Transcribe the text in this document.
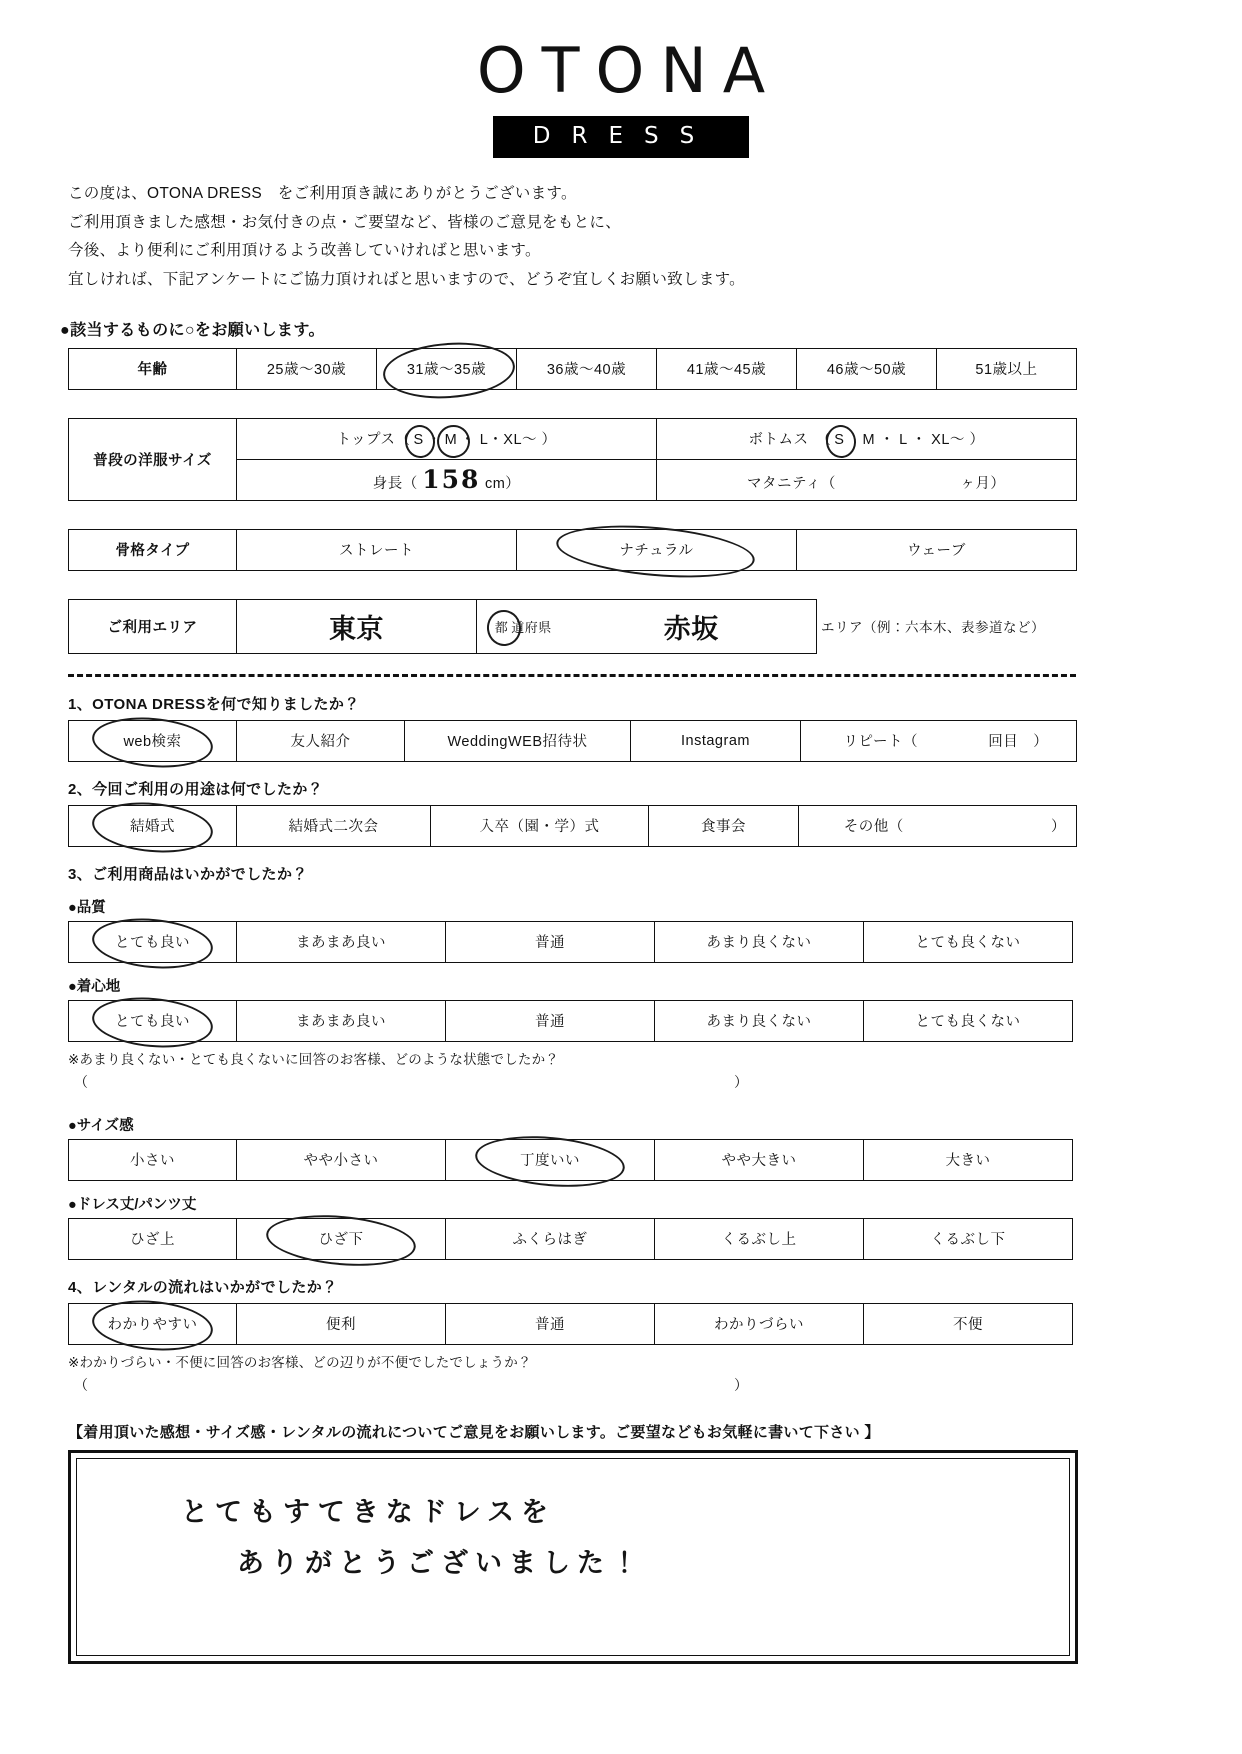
OTONA
DRESS
この度は、OTONA DRESS　をご利用頂き誠にありがとうございます。
ご利用頂きました感想・お気付きの点・ご要望など、皆様のご意見をもとに、
今後、より便利にご利用頂けるよう改善していければと思います。
宜しければ、下記アンケートにご協力頂ければと思いますので、どうぞ宜しくお願い致します。
●該当するものに○をお願いします。
年齢	25歳〜30歳	31歳〜35歳	36歳〜40歳	41歳〜45歳	46歳〜50歳	51歳以上
普段の洋服サイズ	トップス（ S ・ M ・ L・XL〜 ）	ボトムス　（ S　M ・ L ・ XL〜 ）
	身長（ 158 cm）	マタニティ（ ヶ月）
骨格タイプ	ストレート	ナチュラル	ウェーブ
ご利用エリア	東京	都 道府県	赤坂	エリア（例：六本木、表参道など）
1、OTONA DRESSを何で知りましたか？
web検索	友人紹介	WeddingWEB招待状	Instagram	リピート（	回目　）
2、今回ご利用の用途は何でしたか？
結婚式	結婚式二次会	入卒（園・学）式	食事会	その他（	）
3、ご利用商品はいかがでしたか？
●品質
とても良い	まあまあ良い	普通	あまり良くない	とても良くない
●着心地
とても良い	まあまあ良い	普通	あまり良くない	とても良くない
※あまり良くない・とても良くないに回答のお客様、どのような状態でしたか？
（	）
●サイズ感
小さい	やや小さい	丁度いい	やや大きい	大きい
●ドレス丈/パンツ丈
ひざ上	ひざ下	ふくらはぎ	くるぶし上	くるぶし下
4、レンタルの流れはいかがでしたか？
わかりやすい	便利	普通	わかりづらい	不便
※わかりづらい・不便に回答のお客様、どの辺りが不便でしたでしょうか？
（	）
【着用頂いた感想・サイズ感・レンタルの流れについてご意見をお願いします。ご要望などもお気軽に書いて下さい 】
とてもすてきなドレスを
ありがとうございました！
